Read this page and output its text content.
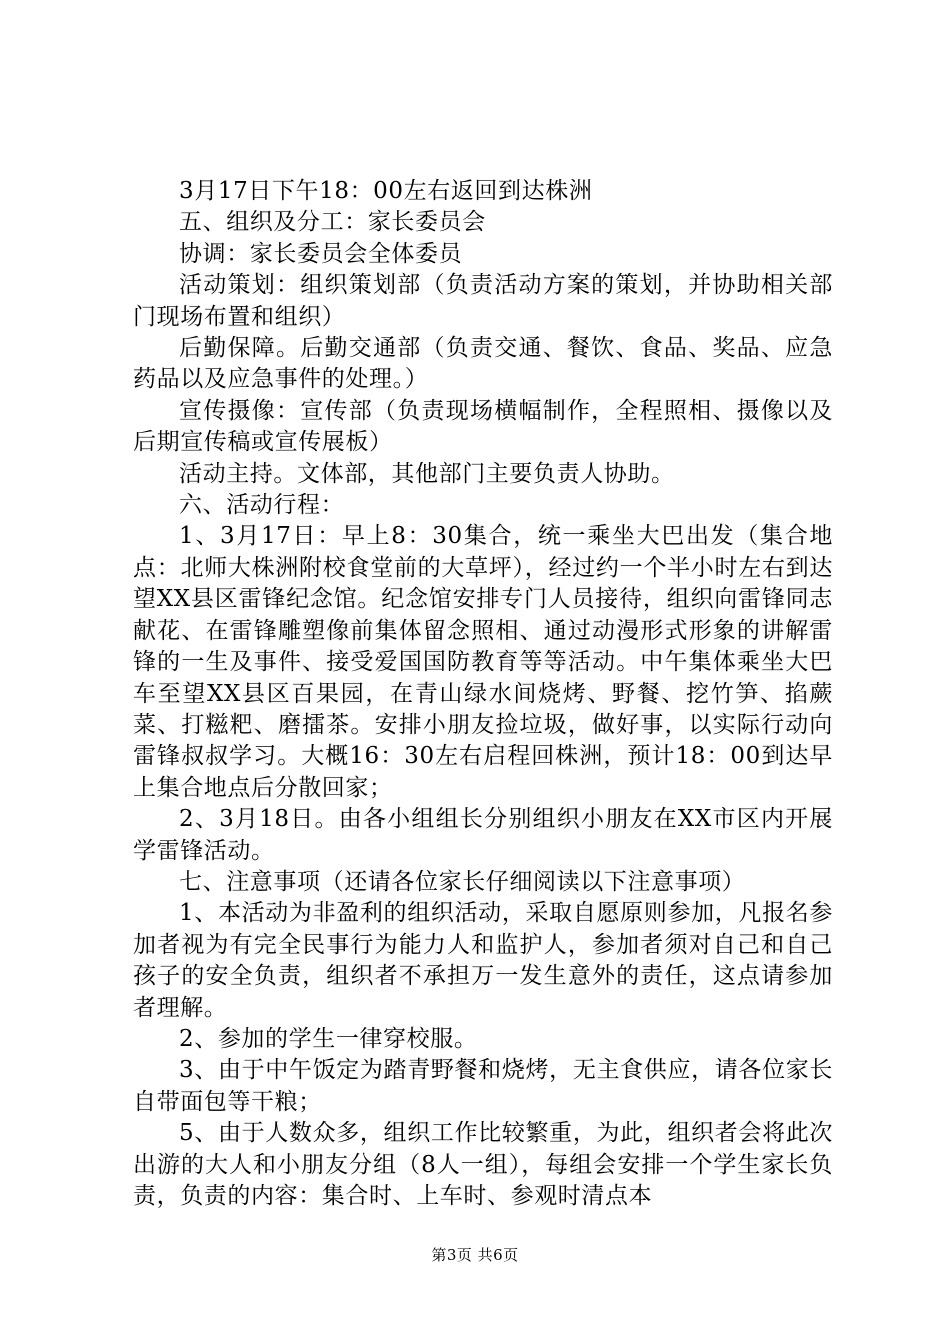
3月17日下午18：00左右返回到达株洲

五、组织及分工：家长委员会

协调：家长委员会全体委员

活动策划：组织策划部（负责活动方案的策划，并协助相关部门现场布置和组织）

后勤保障。后勤交通部（负责交通、餐饮、食品、奖品、应急药品以及应急事件的处理。）

宣传摄像：宣传部（负责现场横幅制作，全程照相、摄像以及后期宣传稿或宣传展板）

活动主持。文体部，其他部门主要负责人协助。

六、活动行程：

1、3月17日：早上8：30集合，统一乘坐大巴出发（集合地点：北师大株洲附校食堂前的大草坪），经过约一个半小时左右到达望XX县区雷锋纪念馆。纪念馆安排专门人员接待，组织向雷锋同志献花、在雷锋雕塑像前集体留念照相、通过动漫形式形象的讲解雷锋的一生及事件、接受爱国国防教育等等活动。中午集体乘坐大巴车至望XX县区百果园，在青山绿水间烧烤、野餐、挖竹笋、掐蕨菜、打糍粑、磨擂茶。安排小朋友捡垃圾，做好事，以实际行动向雷锋叔叔学习。大概16：30左右启程回株洲，预计18：00到达早上集合地点后分散回家；

2、3月18日。由各小组组长分别组织小朋友在XX市区内开展学雷锋活动。

七、注意事项（还请各位家长仔细阅读以下注意事项）

1、本活动为非盈利的组织活动，采取自愿原则参加，凡报名参加者视为有完全民事行为能力人和监护人，参加者须对自己和自己孩子的安全负责，组织者不承担万一发生意外的责任，这点请参加者理解。

2、参加的学生一律穿校服。

3、由于中午饭定为踏青野餐和烧烤，无主食供应，请各位家长自带面包等干粮；

5、由于人数众多，组织工作比较繁重，为此，组织者会将此次出游的大人和小朋友分组（8人一组），每组会安排一个学生家长负责，负责的内容：集合时、上车时、参观时清点本

第3页 共6页
